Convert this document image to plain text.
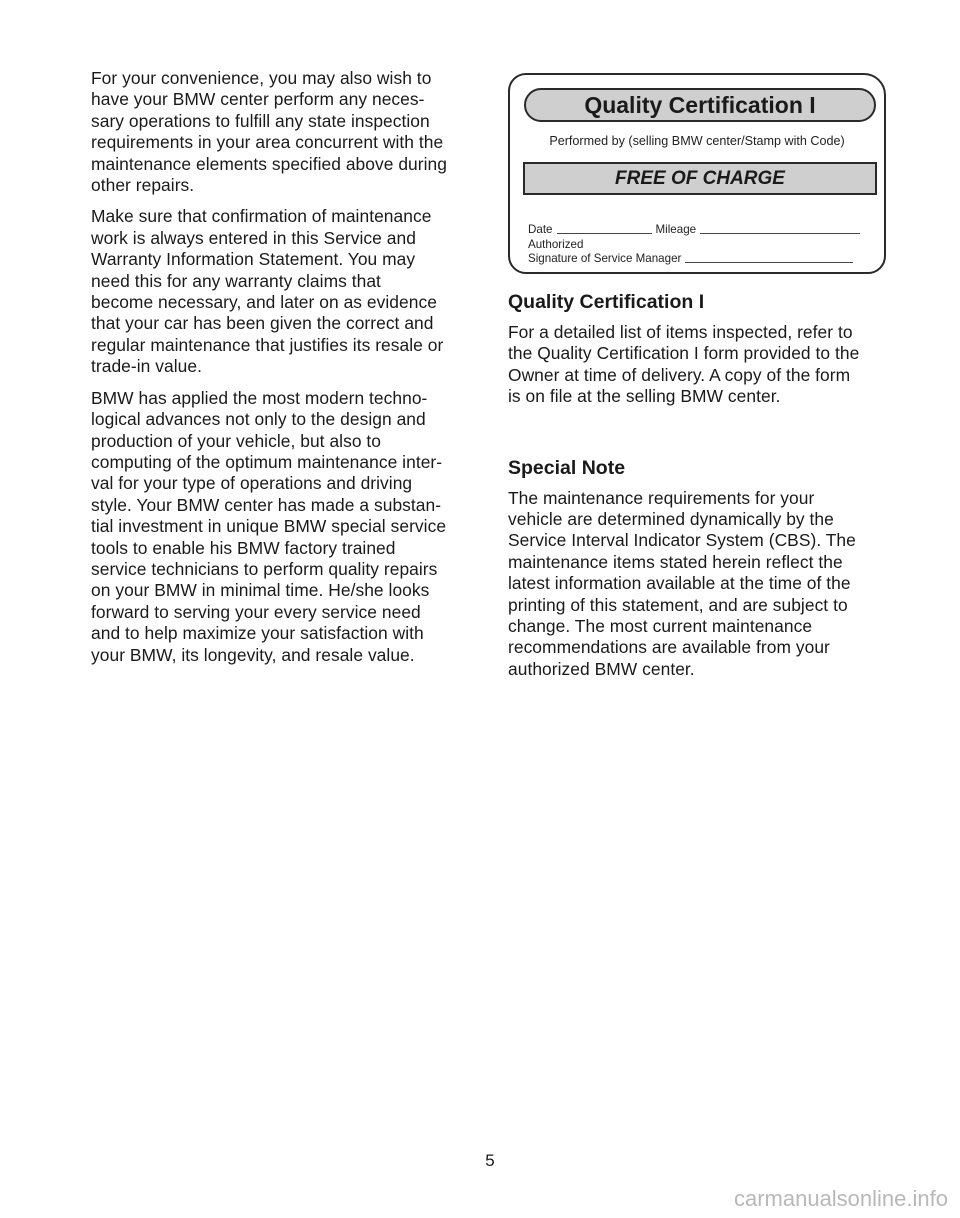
For your convenience, you may also wish to
have your BMW center perform any neces-
sary operations to fulfill any state inspection
requirements in your area concurrent with the
maintenance elements specified above during
other repairs.

Make sure that confirmation of maintenance
work is always entered in this Service and
Warranty Information Statement. You may
need this for any warranty claims that
become necessary, and later on as evidence
that your car has been given the correct and
regular maintenance that justifies its resale or
trade-in value.

BMW has applied the most modern techno-
logical advances not only to the design and
production of your vehicle, but also to
computing of the optimum maintenance inter-
val for your type of operations and driving
style. Your BMW center has made a substan-
tial investment in unique BMW special service
tools to enable his BMW factory trained
service technicians to perform quality repairs
on your BMW in minimal time. He/she looks
forward to serving your every service need
and to help maximize your satisfaction with
your BMW, its longevity, and resale value.

Quality Certification I
Performed by (selling BMW center/Stamp with Code)
FREE OF CHARGE
Date	Mileage
Authorized
Signature of Service Manager
Quality Certification I

For a detailed list of items inspected, refer to
the Quality Certification I form provided to the
Owner at time of delivery. A copy of the form
is on file at the selling BMW center.

Special Note

The maintenance requirements for your
vehicle are determined dynamically by the
Service Interval Indicator System (CBS). The
maintenance items stated herein reflect the
latest information available at the time of the
printing of this statement, and are subject to
change. The most current maintenance
recommendations are available from your
authorized BMW center.

5
carmanualsonline.info
